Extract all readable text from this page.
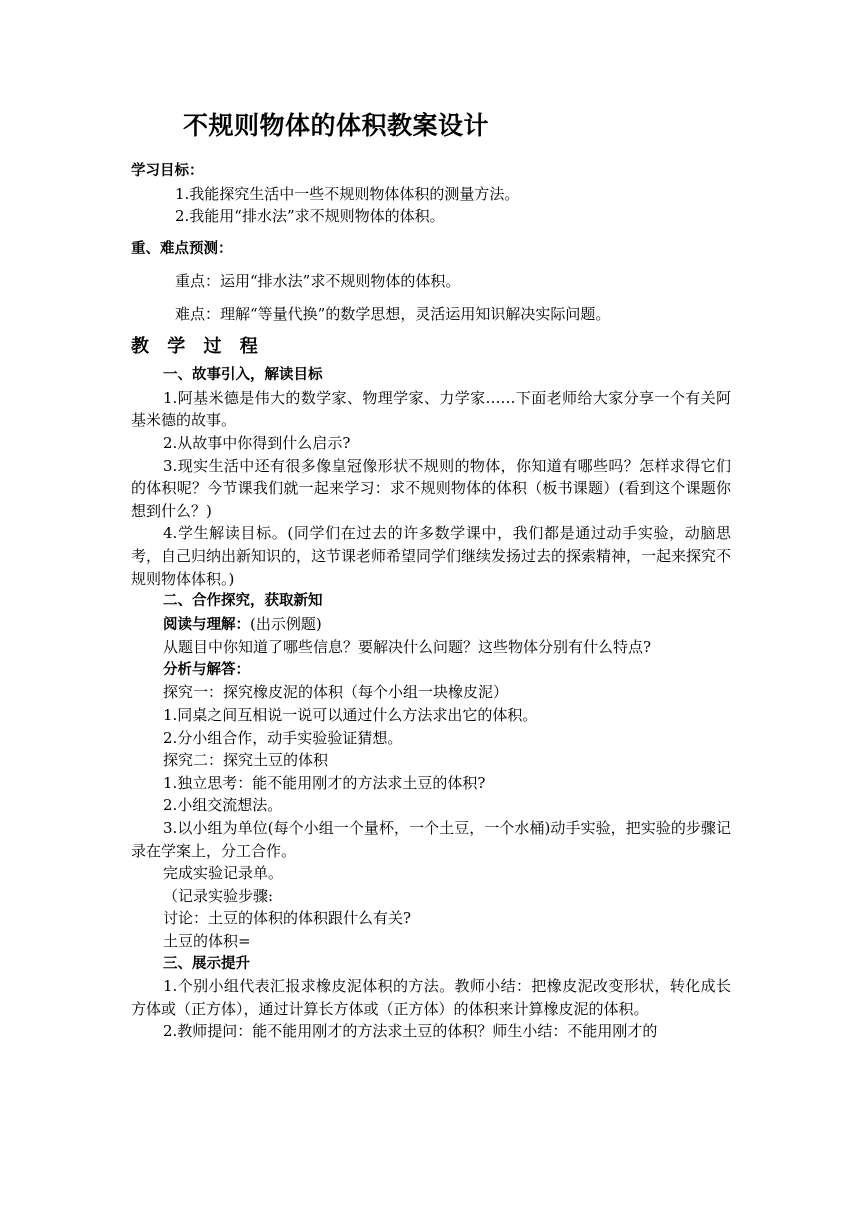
不规则物体的体积教案设计

学习目标：

1.我能探究生活中一些不规则物体体积的测量方法。

2.我能用“排水法”求不规则物体的体积。

重、难点预测：

重点：运用“排水法”求不规则物体的体积。

难点：理解“等量代换”的数学思想，灵活运用知识解决实际问题。

教 学 过 程

一、故事引入，解读目标

1.阿基米德是伟大的数学家、物理学家、力学家……下面老师给大家分享一个有关阿基米德的故事。

2.从故事中你得到什么启示?

3.现实生活中还有很多像皇冠像形状不规则的物体，你知道有哪些吗？怎样求得它们的体积呢？今节课我们就一起来学习：求不规则物体的体积（板书课题）(看到这个课题你想到什么？)

4.学生解读目标。(同学们在过去的许多数学课中，我们都是通过动手实验，动脑思考，自己归纳出新知识的，这节课老师希望同学们继续发扬过去的探索精神，一起来探究不规则物体体积。)

二、合作探究，获取新知

阅读与理解：(出示例题)

从题目中你知道了哪些信息？要解决什么问题？这些物体分别有什么特点?

分析与解答：

探究一：探究橡皮泥的体积（每个小组一块橡皮泥）

1.同桌之间互相说一说可以通过什么方法求出它的体积。

2.分小组合作，动手实验验证猜想。

探究二：探究土豆的体积

1.独立思考：能不能用刚才的方法求土豆的体积?

2.小组交流想法。

3.以小组为单位(每个小组一个量杯，一个土豆，一个水桶)动手实验，把实验的步骤记录在学案上，分工合作。

完成实验记录单。

（记录实验步骤:

讨论：土豆的体积的体积跟什么有关?

土豆的体积=

三、展示提升

1.个别小组代表汇报求橡皮泥体积的方法。教师小结：把橡皮泥改变形状，转化成长方体或（正方体），通过计算长方体或（正方体）的体积来计算橡皮泥的体积。

2.教师提问：能不能用刚才的方法求土豆的体积？师生小结：不能用刚才的
